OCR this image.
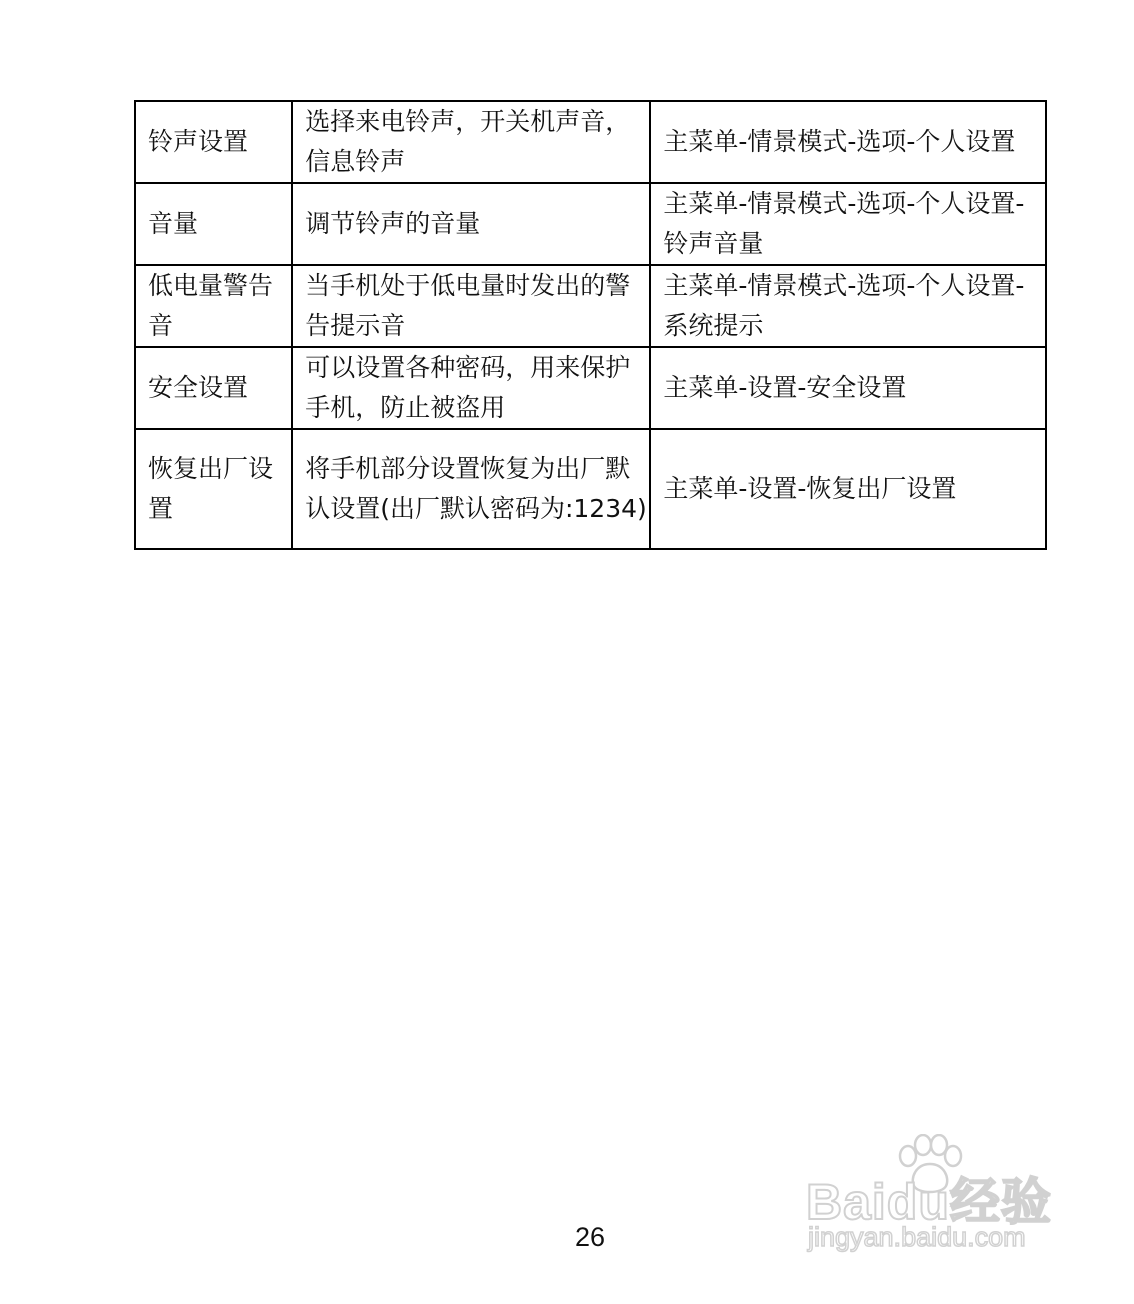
铃声设置	选择来电铃声，开关机声音，信息铃声	主菜单-情景模式-选项-个人设置
音量	调节铃声的音量	主菜单-情景模式-选项-个人设置-铃声音量
低电量警告音	当手机处于低电量时发出的警告提示音	主菜单-情景模式-选项-个人设置-系统提示
安全设置	可以设置各种密码，用来保护手机，防止被盗用	主菜单-设置-安全设置
恢复出厂设置	将手机部分设置恢复为出厂默认设置(出厂默认密码为:1234)	主菜单-设置-恢复出厂设置
Baidu经验
jingyan.baidu.com
26
